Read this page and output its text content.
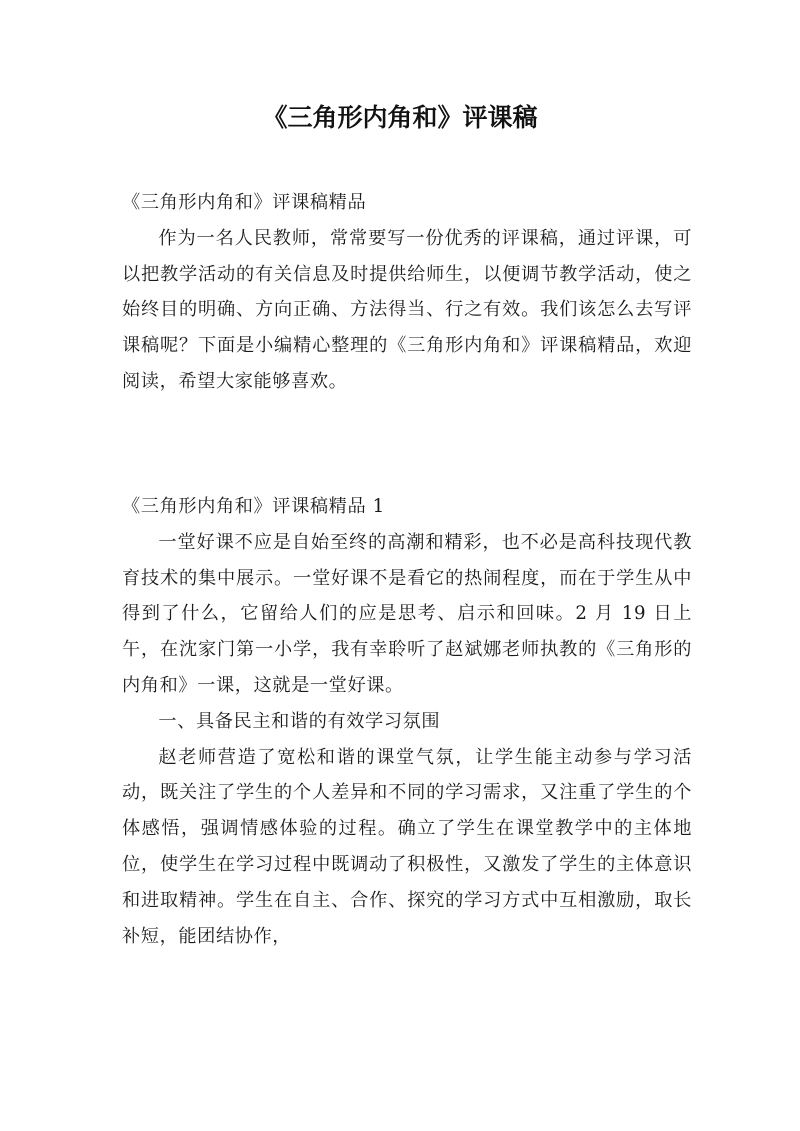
《三角形内角和》评课稿

《三角形内角和》评课稿精品

作为一名人民教师，常常要写一份优秀的评课稿，通过评课，可以把教学活动的有关信息及时提供给师生，以便调节教学活动，使之始终目的明确、方向正确、方法得当、行之有效。我们该怎么去写评课稿呢？下面是小编精心整理的《三角形内角和》评课稿精品，欢迎阅读，希望大家能够喜欢。

《三角形内角和》评课稿精品 1

一堂好课不应是自始至终的高潮和精彩，也不必是高科技现代教育技术的集中展示。一堂好课不是看它的热闹程度，而在于学生从中得到了什么，它留给人们的应是思考、启示和回味。2 月 19 日上午，在沈家门第一小学，我有幸聆听了赵斌娜老师执教的《三角形的内角和》一课，这就是一堂好课。

一、具备民主和谐的有效学习氛围

赵老师营造了宽松和谐的课堂气氛，让学生能主动参与学习活动，既关注了学生的个人差异和不同的学习需求，又注重了学生的个体感悟，强调情感体验的过程。确立了学生在课堂教学中的主体地位，使学生在学习过程中既调动了积极性，又激发了学生的主体意识和进取精神。学生在自主、合作、探究的学习方式中互相激励，取长补短，能团结协作，
